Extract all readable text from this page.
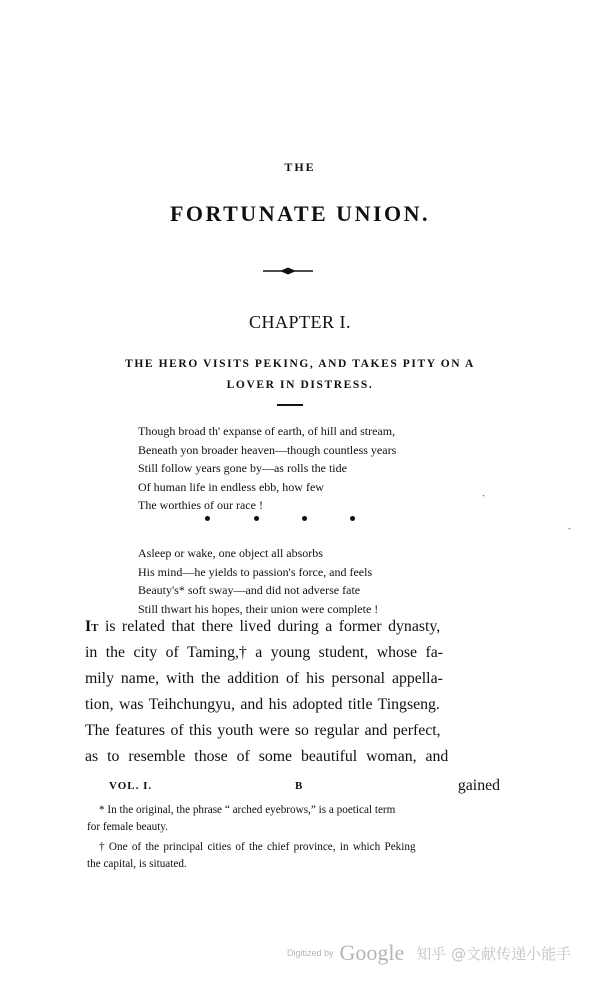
THE
FORTUNATE UNION.
CHAPTER I.
THE HERO VISITS PEKING, AND TAKES PITY ON A
LOVER IN DISTRESS.
Though broad th' expanse of earth, of hill and stream,
Beneath yon broader heaven—though countless years
Still follow years gone by—as rolls the tide
Of human life in endless ebb, how few
The worthies of our race !
Asleep or wake, one object all absorbs
His mind—he yields to passion's force, and feels
Beauty's* soft sway—and did not adverse fate
Still thwart his hopes, their union were complete !
ˎ
ˎ
It is related that there lived during a former dynasty,
in the city of Taming,† a young student, whose fa-
mily name, with the addition of his personal appella-
tion, was Teihchungyu, and his adopted title Tingseng.
The features of this youth were so regular and perfect,
as to resemble those of some beautiful woman, and
VOL. I.	B	gained
* In the original, the phrase “ arched eyebrows,” is a poetical term
for female beauty.
† One of the principal cities of the chief province, in which Peking
the capital, is situated.
Digitized by Google 知乎 @文献传递小能手
